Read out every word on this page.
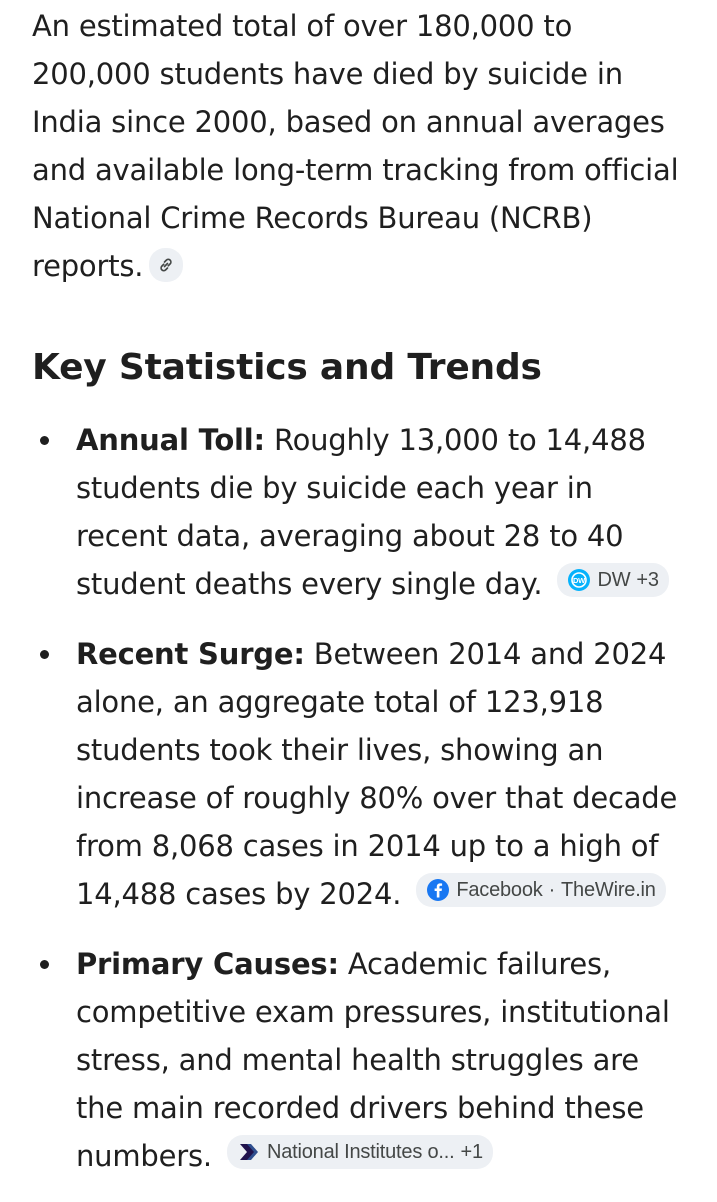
An estimated total of over 180,000 to 200,000 students have died by suicide in India since 2000, based on annual averages and available long-term tracking from official National Crime Records Bureau (NCRB) reports.

Key Statistics and Trends
Annual Toll: Roughly 13,000 to 14,488 students die by suicide each year in recent data, averaging about 28 to 40 student deaths every single day.	DW DW +3
Recent Surge: Between 2014 and 2024 alone, an aggregate total of 123,918 students took their lives, showing an increase of roughly 80% over that decade from 8,068 cases in 2014 up to a high of 14,488 cases by 2024.	Facebook · TheWire.in
Primary Causes: Academic failures, competitive exam pressures, institutional stress, and mental health struggles are the main recorded drivers behind these numbers.	National Institutes o... +1
